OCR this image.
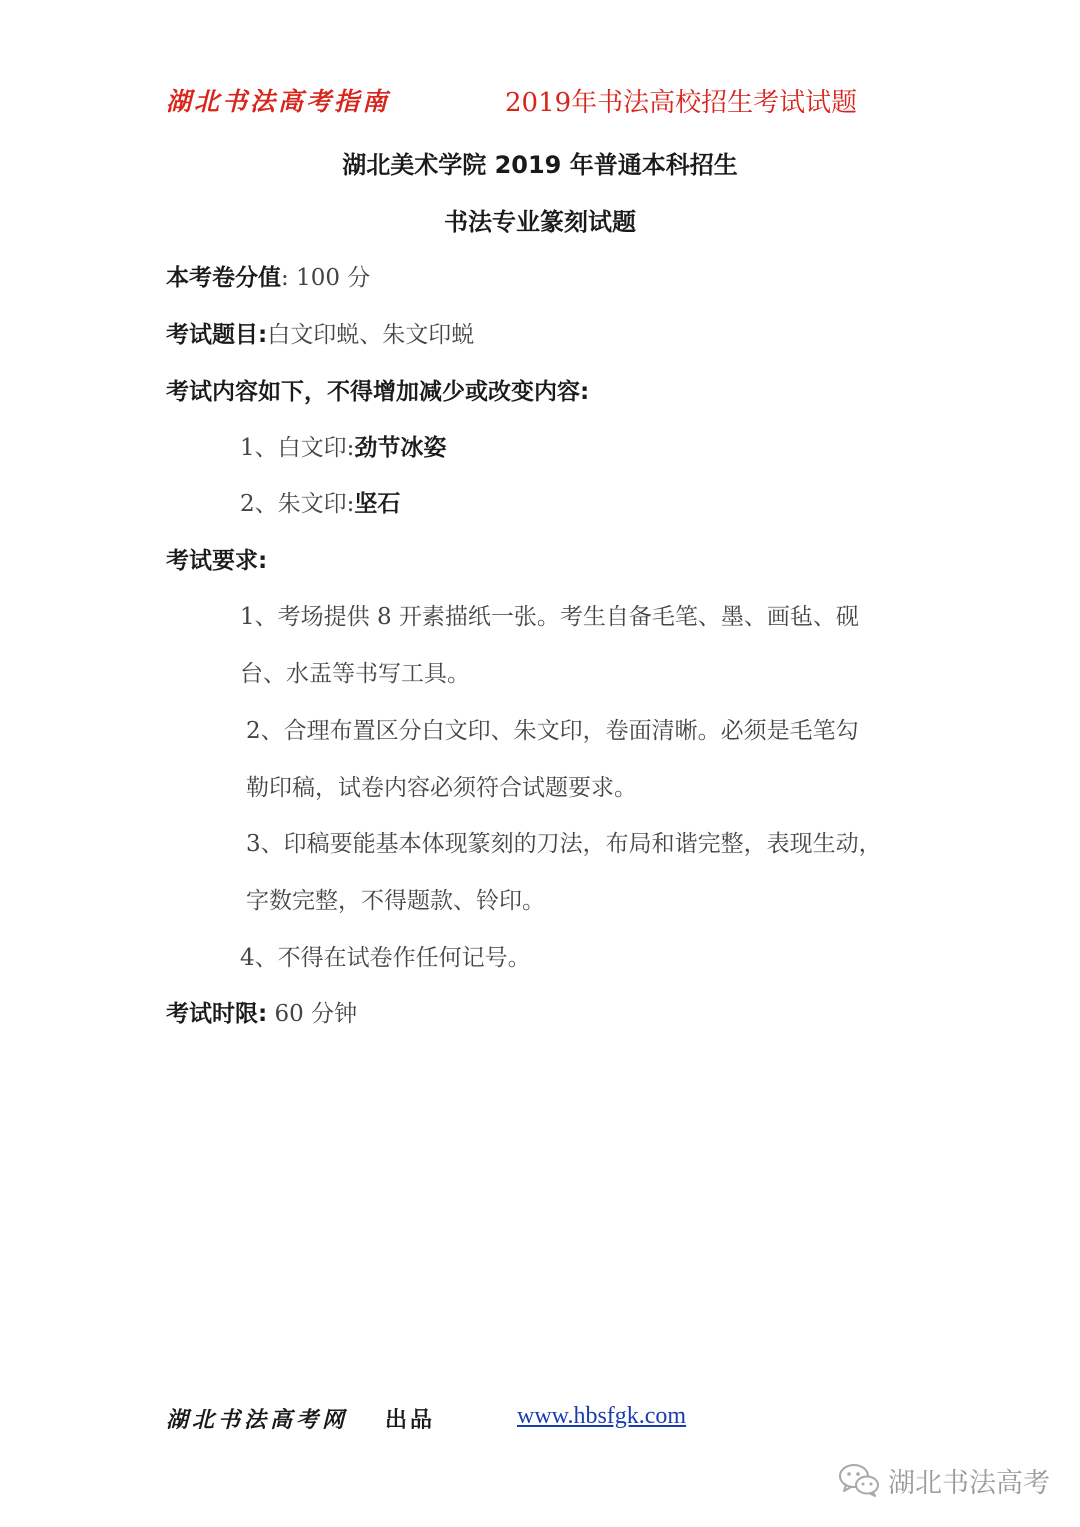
湖北书法高考指南	2019年书法高校招生考试试题
湖北美术学院 2019 年普通本科招生
书法专业篆刻试题
本考卷分值: 100 分
考试题目:白文印蜕、朱文印蜕
考试内容如下，不得增加减少或改变内容:
1、白文印:劲节冰姿
2、朱文印:坚石
考试要求:
1、考场提供 8 开素描纸一张。考生自备毛笔、墨、画毡、砚
台、水盂等书写工具。
2、合理布置区分白文印、朱文印，卷面清晰。必须是毛笔勾
勒印稿，试卷内容必须符合试题要求。
3、印稿要能基本体现篆刻的刀法，布局和谐完整，表现生动，
字数完整，不得题款、铃印。
4、不得在试卷作任何记号。
考试时限: 60 分钟
湖北书法高考网 出品	www.hbsfgk.com
湖北书法高考
